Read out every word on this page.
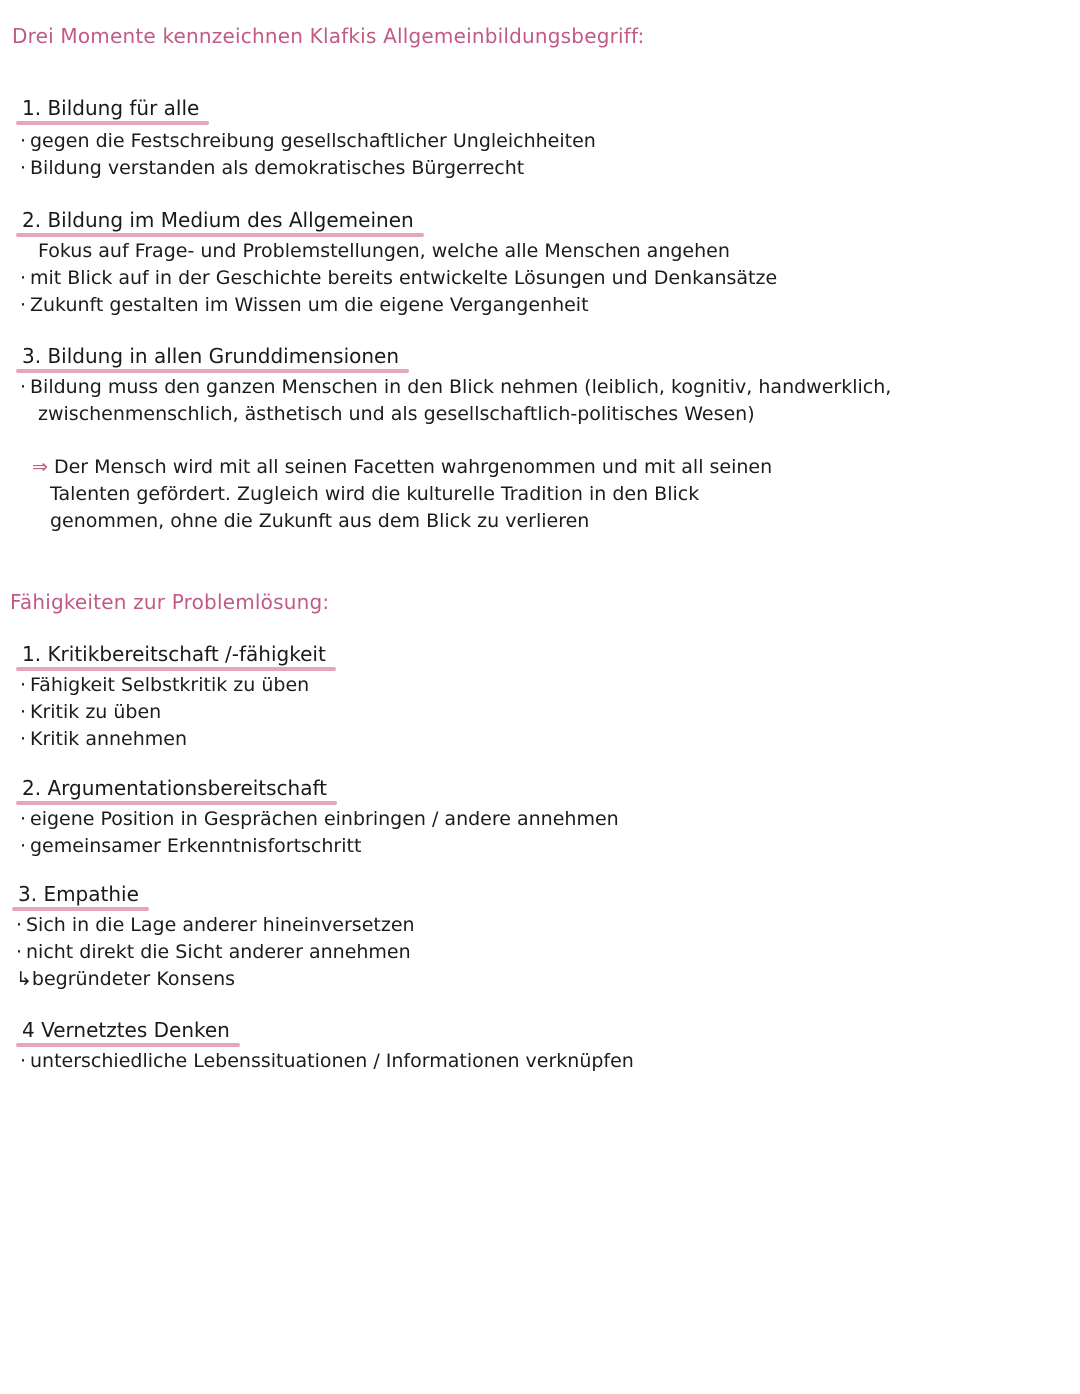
Drei Momente kennzeichnen Klafkis Allgemeinbildungsbegriff:
1. Bildung für alle
· gegen die Festschreibung gesellschaftlicher Ungleichheiten
· Bildung verstanden als demokratisches Bürgerrecht
2. Bildung im Medium des Allgemeinen
Fokus auf Frage- und Problemstellungen, welche alle Menschen angehen
· mit Blick auf in der Geschichte bereits entwickelte Lösungen und Denkansätze
· Zukunft gestalten im Wissen um die eigene Vergangenheit
3. Bildung in allen Grunddimensionen
· Bildung muss den ganzen Menschen in den Blick nehmen (leiblich, kognitiv, handwerklich,
zwischenmenschlich, ästhetisch und als gesellschaftlich-politisches Wesen)
⇒ Der Mensch wird mit all seinen Facetten wahrgenommen und mit all seinen
Talenten gefördert. Zugleich wird die kulturelle Tradition in den Blick
genommen, ohne die Zukunft aus dem Blick zu verlieren
Fähigkeiten zur Problemlösung:
1. Kritikbereitschaft /-fähigkeit
· Fähigkeit Selbstkritik zu üben
· Kritik zu üben
· Kritik annehmen
2. Argumentationsbereitschaft
· eigene Position in Gesprächen einbringen / andere annehmen
· gemeinsamer Erkenntnisfortschritt
3. Empathie
· Sich in die Lage anderer hineinversetzen
· nicht direkt die Sicht anderer annehmen
↳begründeter Konsens
4 Vernetztes Denken
· unterschiedliche Lebenssituationen / Informationen verknüpfen
